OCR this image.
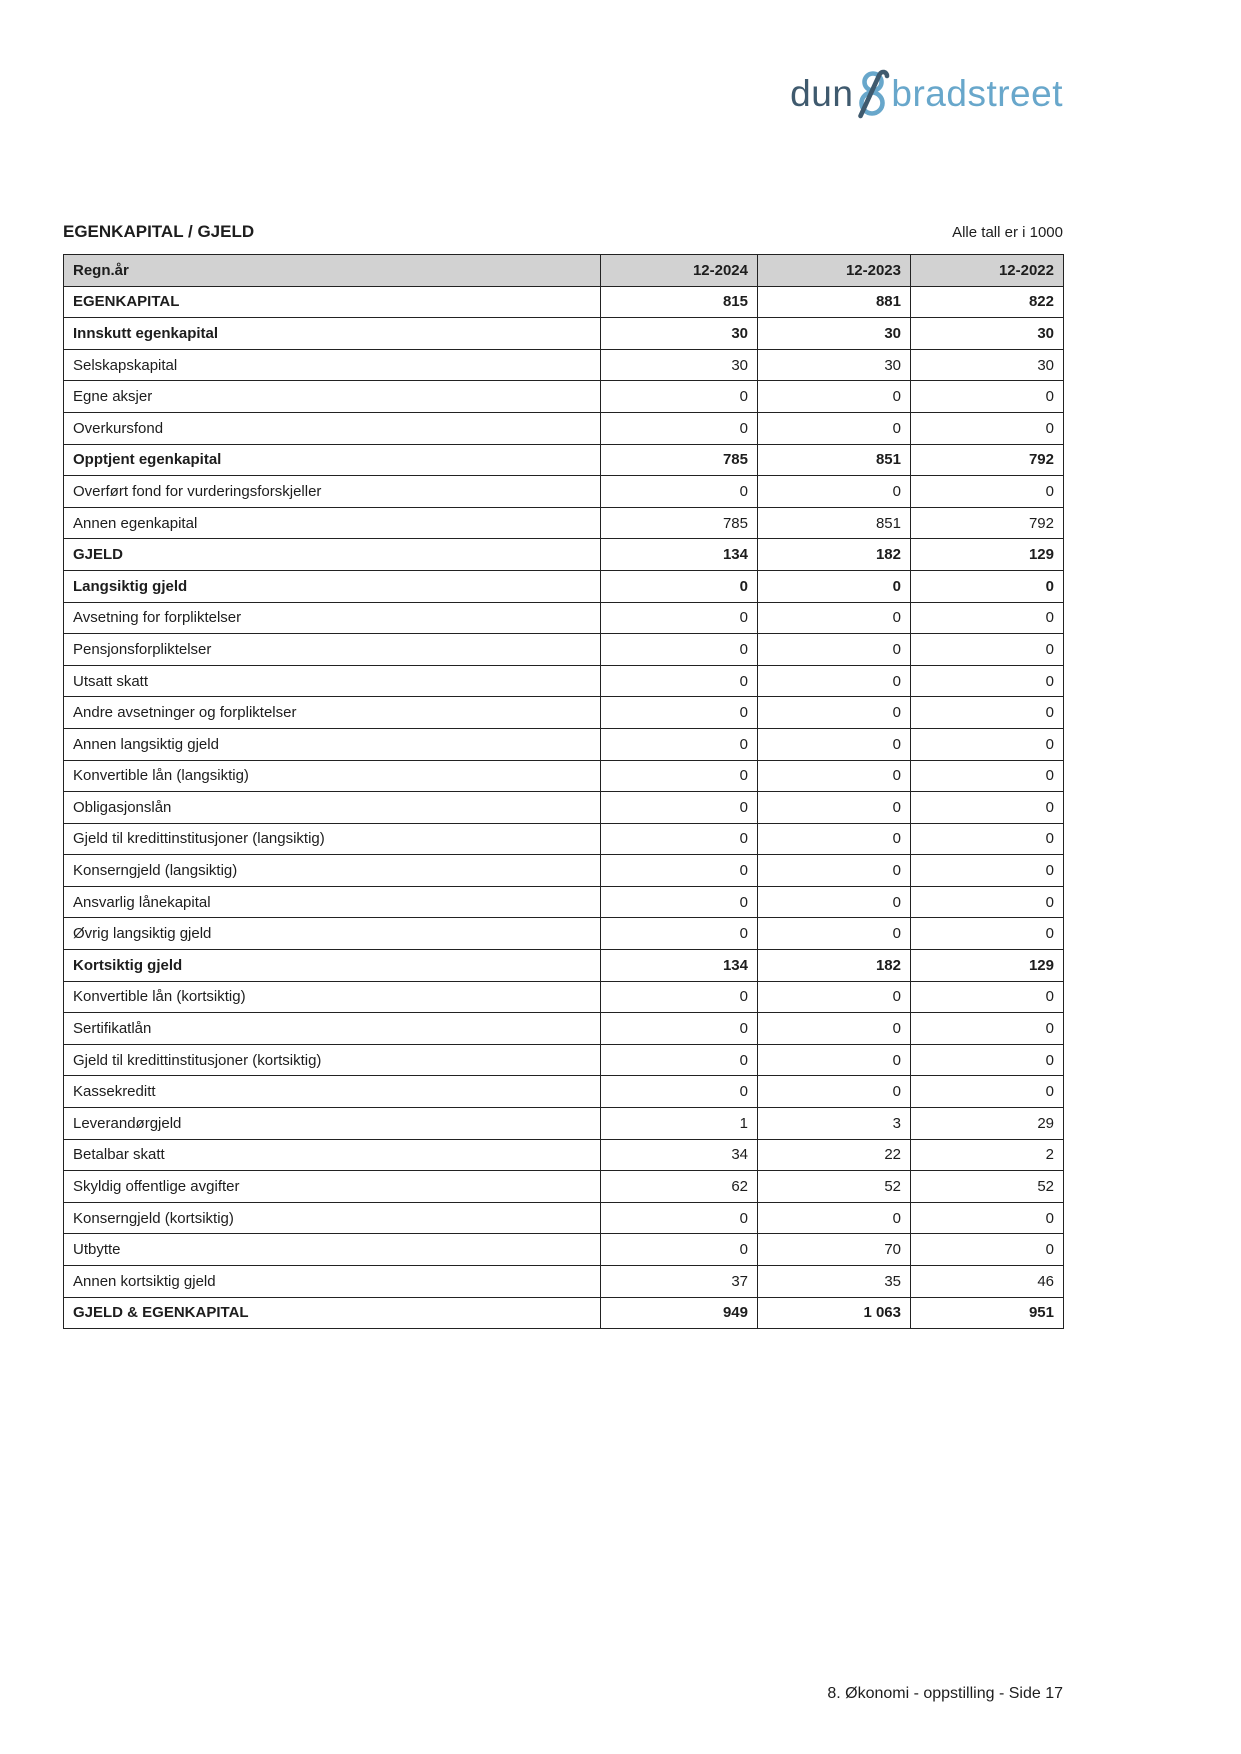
dun bradstreet
EGENKAPITAL / GJELD	Alle tall er i 1000
Regn.år	12-2024	12-2023	12-2022
EGENKAPITAL	815	881	822
Innskutt egenkapital	30	30	30
Selskapskapital	30	30	30
Egne aksjer	0	0	0
Overkursfond	0	0	0
Opptjent egenkapital	785	851	792
Overført fond for vurderingsforskjeller	0	0	0
Annen egenkapital	785	851	792
GJELD	134	182	129
Langsiktig gjeld	0	0	0
Avsetning for forpliktelser	0	0	0
Pensjonsforpliktelser	0	0	0
Utsatt skatt	0	0	0
Andre avsetninger og forpliktelser	0	0	0
Annen langsiktig gjeld	0	0	0
Konvertible lån (langsiktig)	0	0	0
Obligasjonslån	0	0	0
Gjeld til kredittinstitusjoner (langsiktig)	0	0	0
Konserngjeld (langsiktig)	0	0	0
Ansvarlig lånekapital	0	0	0
Øvrig langsiktig gjeld	0	0	0
Kortsiktig gjeld	134	182	129
Konvertible lån (kortsiktig)	0	0	0
Sertifikatlån	0	0	0
Gjeld til kredittinstitusjoner (kortsiktig)	0	0	0
Kassekreditt	0	0	0
Leverandørgjeld	1	3	29
Betalbar skatt	34	22	2
Skyldig offentlige avgifter	62	52	52
Konserngjeld (kortsiktig)	0	0	0
Utbytte	0	70	0
Annen kortsiktig gjeld	37	35	46
GJELD & EGENKAPITAL	949	1 063	951
8. Økonomi - oppstilling - Side 17
